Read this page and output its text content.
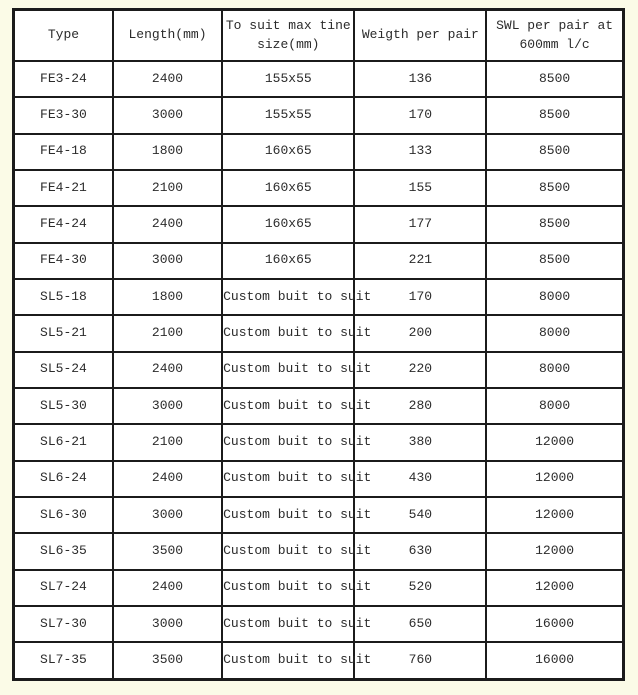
Type	Length(mm)	To suit max tine size(mm)	Weigth per pair	SWL per pair at 600mm l/c
FE3-24	2400	155x55	136	8500
FE3-30	3000	155x55	170	8500
FE4-18	1800	160x65	133	8500
FE4-21	2100	160x65	155	8500
FE4-24	2400	160x65	177	8500
FE4-30	3000	160x65	221	8500
SL5-18	1800	Custom buit to suit	170	8000
SL5-21	2100	Custom buit to suit	200	8000
SL5-24	2400	Custom buit to suit	220	8000
SL5-30	3000	Custom buit to suit	280	8000
SL6-21	2100	Custom buit to suit	380	12000
SL6-24	2400	Custom buit to suit	430	12000
SL6-30	3000	Custom buit to suit	540	12000
SL6-35	3500	Custom buit to suit	630	12000
SL7-24	2400	Custom buit to suit	520	12000
SL7-30	3000	Custom buit to suit	650	16000
SL7-35	3500	Custom buit to suit	760	16000
